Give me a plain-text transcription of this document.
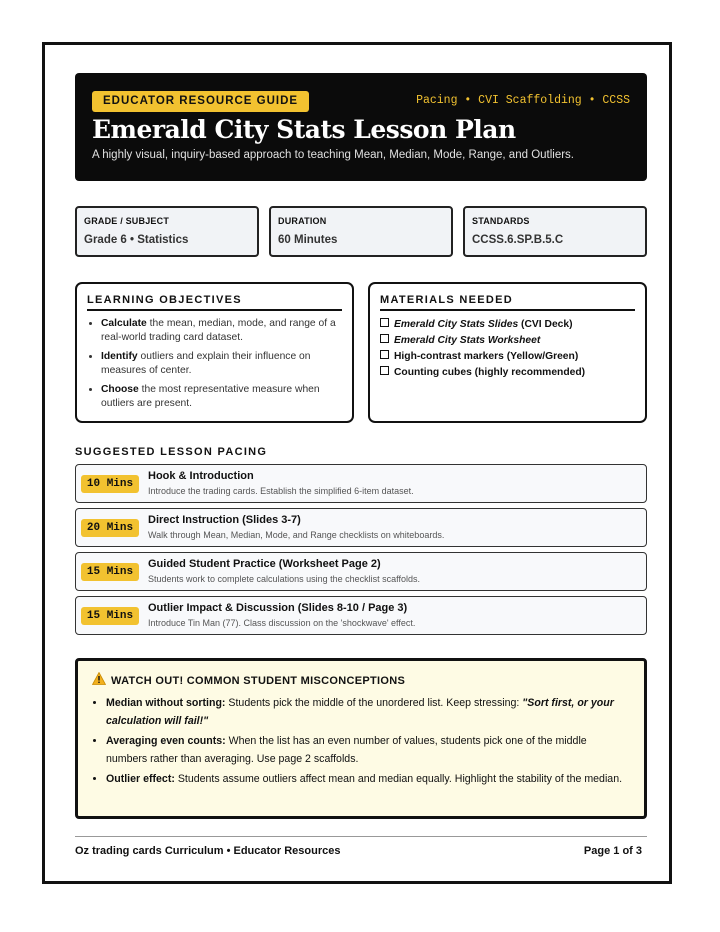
EDUCATOR RESOURCE GUIDE	Pacing • CVI Scaffolding • CCSS
Emerald City Stats Lesson Plan
A highly visual, inquiry-based approach to teaching Mean, Median, Mode, Range, and Outliers.
GRADE / SUBJECT
Grade 6 • Statistics
DURATION
60 Minutes
STANDARDS
CCSS.6.SP.B.5.C
LEARNING OBJECTIVES
• Calculate the mean, median, mode, and range of a real-world trading card dataset.
• Identify outliers and explain their influence on measures of center.
• Choose the most representative measure when outliers are present.
MATERIALS NEEDED
Emerald City Stats Slides (CVI Deck)
Emerald City Stats Worksheet
High-contrast markers (Yellow/Green)
Counting cubes (highly recommended)
SUGGESTED LESSON PACING
10 Mins
Hook & Introduction
Introduce the trading cards. Establish the simplified 6-item dataset.
20 Mins
Direct Instruction (Slides 3-7)
Walk through Mean, Median, Mode, and Range checklists on whiteboards.
15 Mins
Guided Student Practice (Worksheet Page 2)
Students work to complete calculations using the checklist scaffolds.
15 Mins
Outlier Impact & Discussion (Slides 8-10 / Page 3)
Introduce Tin Man (77). Class discussion on the 'shockwave' effect.
WATCH OUT! COMMON STUDENT MISCONCEPTIONS
• Median without sorting: Students pick the middle of the unordered list. Keep stressing: "Sort first, or your calculation will fail!"
• Averaging even counts: When the list has an even number of values, students pick one of the middle numbers rather than averaging. Use page 2 scaffolds.
• Outlier effect: Students assume outliers affect mean and median equally. Highlight the stability of the median.
Oz trading cards Curriculum • Educator Resources	Page 1 of 3
